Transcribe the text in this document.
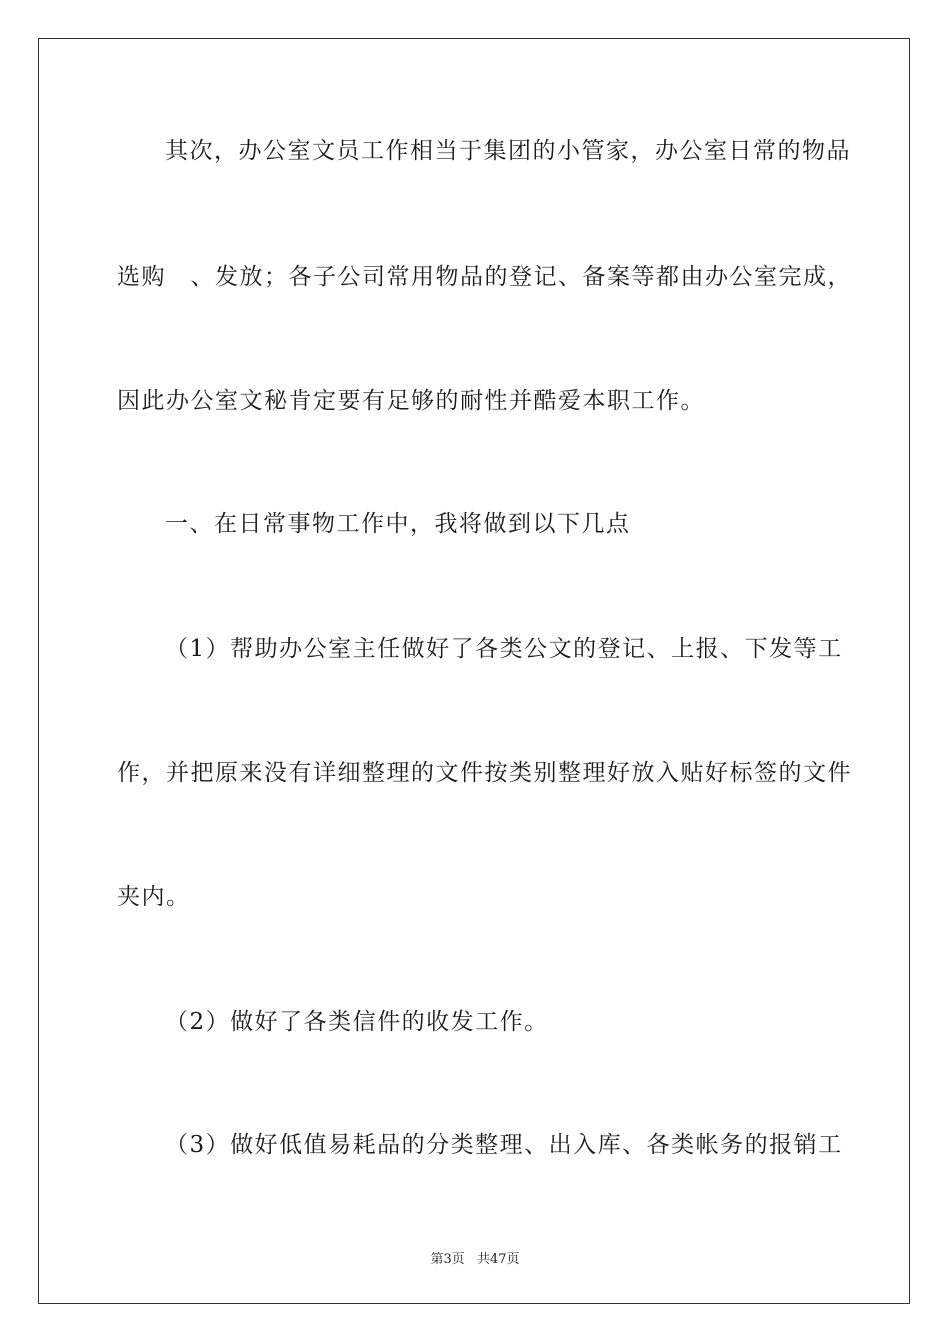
其次，办公室文员工作相当于集团的小管家，办公室日常的物品
选购　、发放；各子公司常用物品的登记、备案等都由办公室完成，
因此办公室文秘肯定要有足够的耐性并酷爱本职工作。
一、在日常事物工作中，我将做到以下几点
（1）帮助办公室主任做好了各类公文的登记、上报、下发等工
作，并把原来没有详细整理的文件按类别整理好放入贴好标签的文件
夹内。
（2）做好了各类信件的收发工作。
（3）做好低值易耗品的分类整理、出入库、各类帐务的报销工
第3页 共47页
